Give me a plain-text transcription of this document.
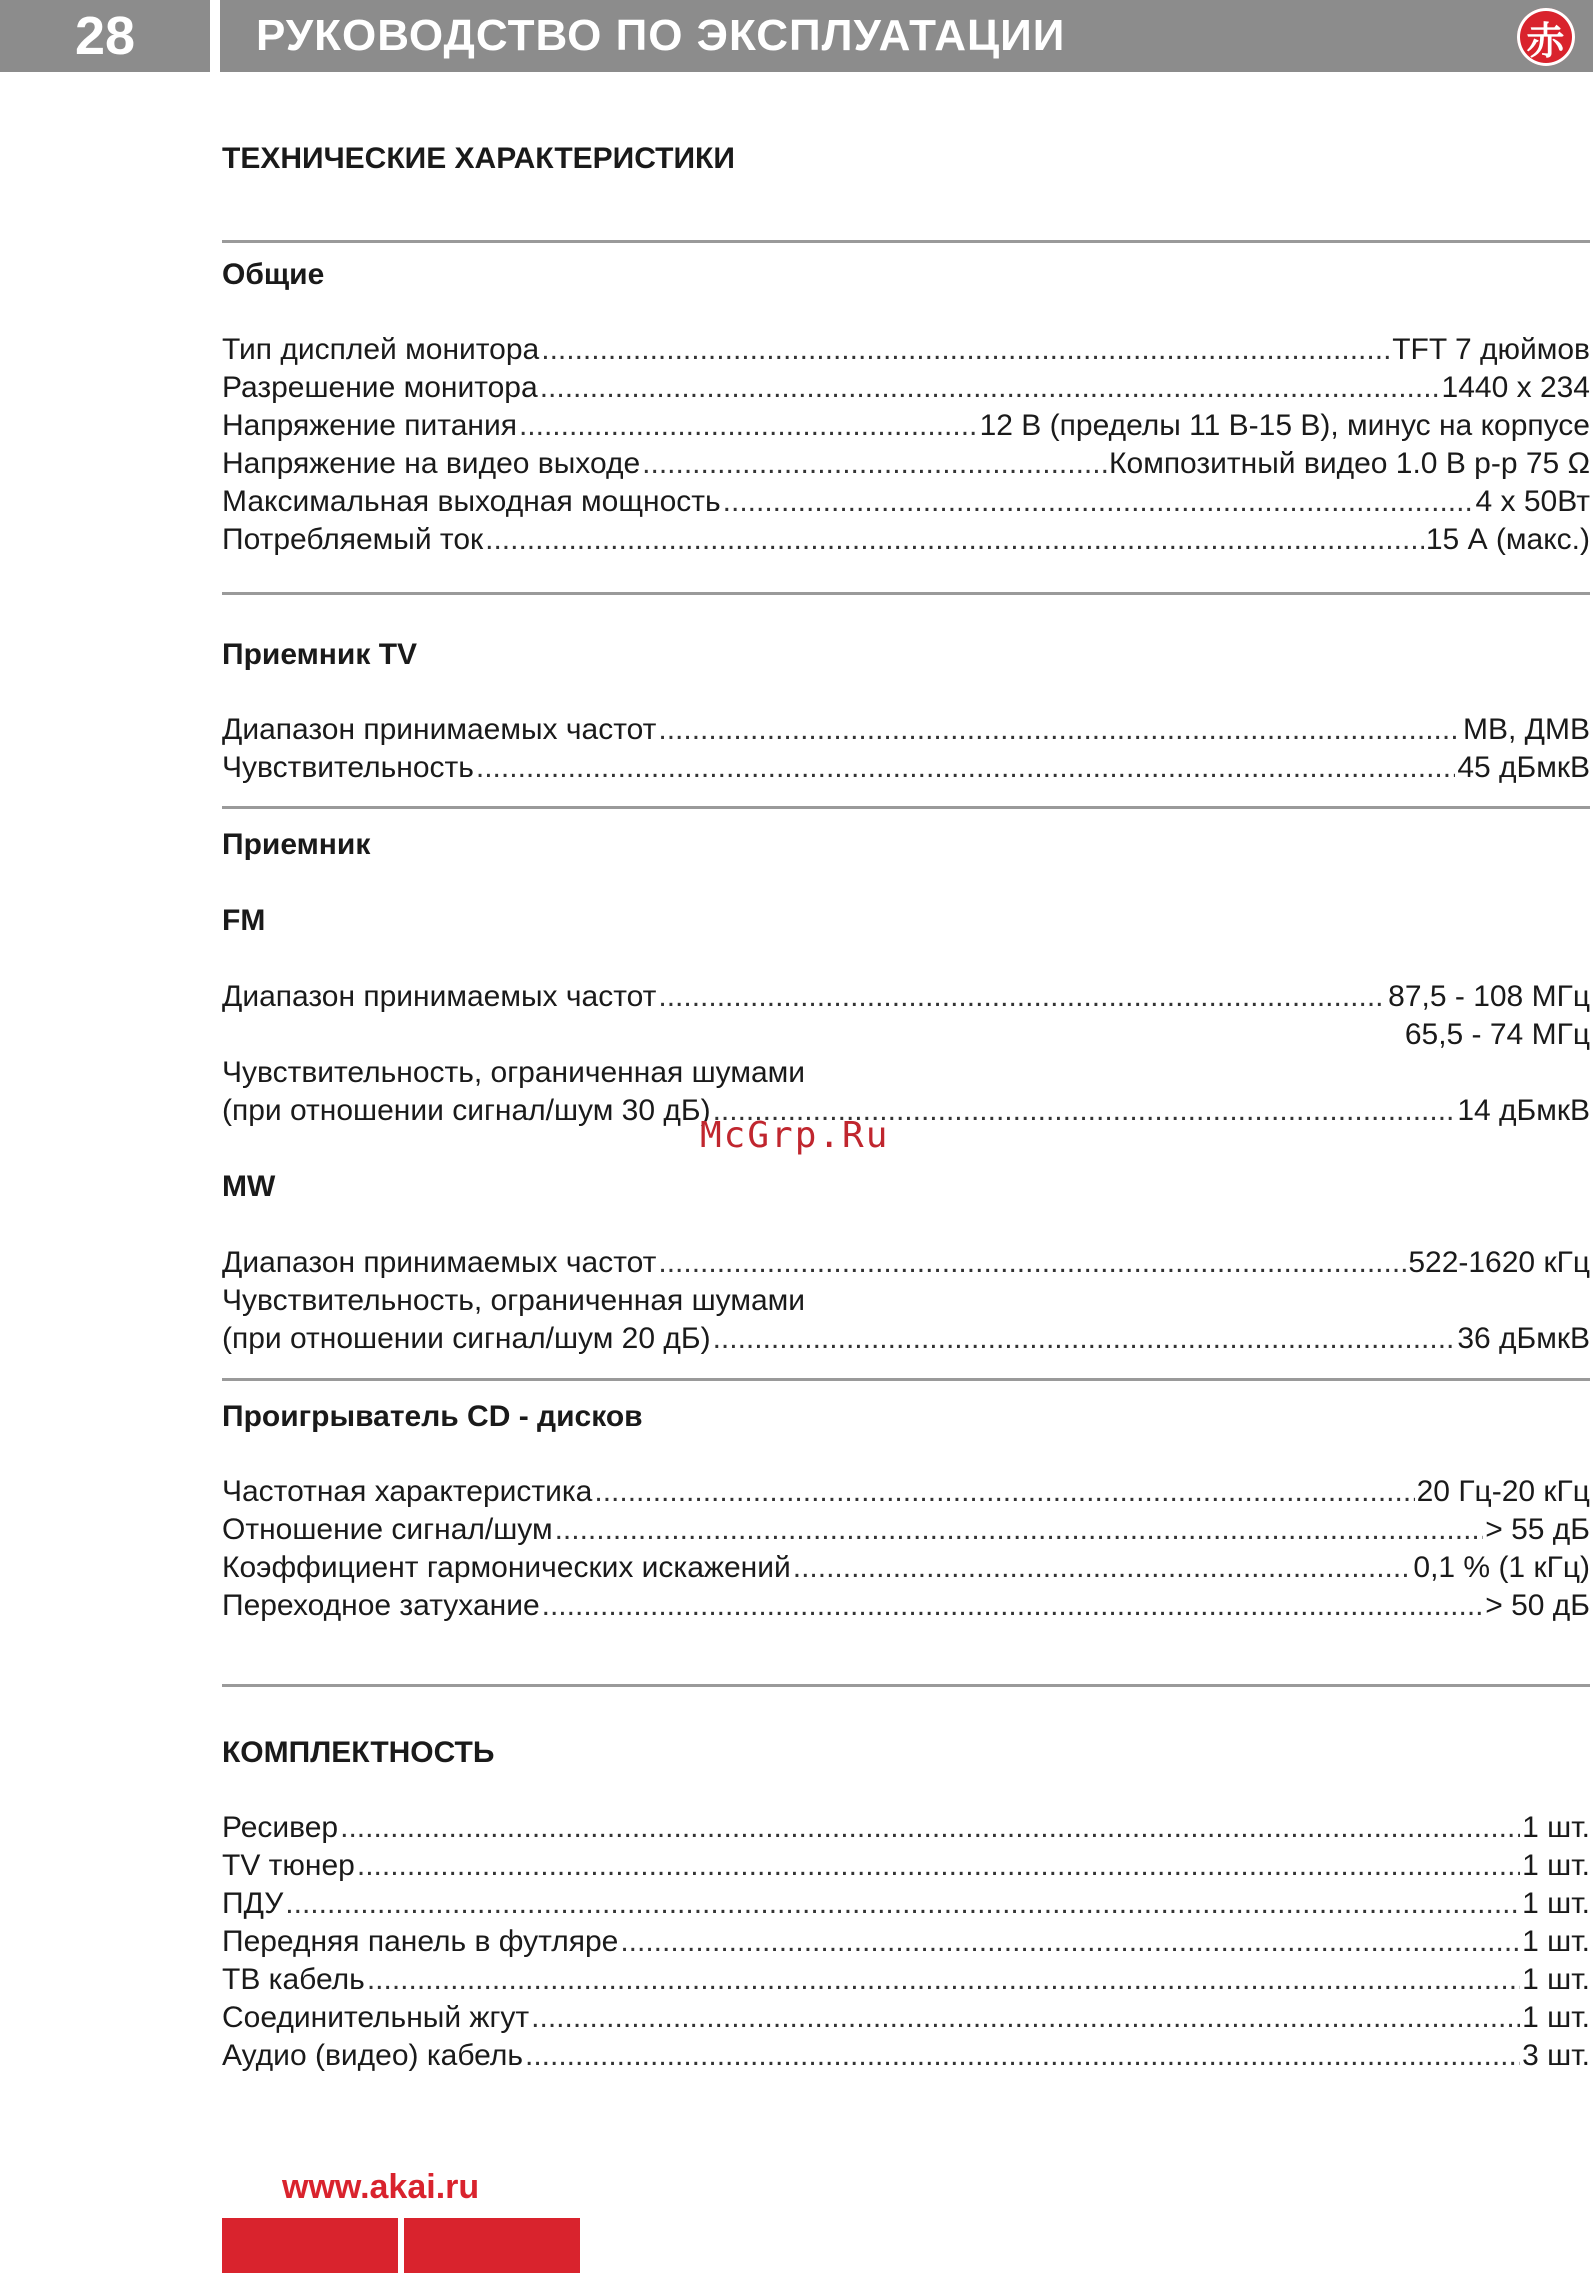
28	РУКОВОДСТВО ПО ЭКСПЛУАТАЦИИ	赤
ТЕХНИЧЕСКИЕ ХАРАКТЕРИСТИКИ
Общие
Тип дисплей монитора .....	TFT 7 дюймов
Разрешение монитора .....	1440 x 234
Напряжение питания .....	12 В (пределы 11 В-15 В), минус на корпусе
Напряжение на видео выходе .....	Композитный видео 1.0 В р-р 75 Ω
Максимальная выходная мощность .....	4 х 50Вт
Потребляемый ток .....	15 А (макс.)
Приемник TV
Диапазон принимаемых частот .....	МВ, ДМВ
Чувствительность .....	45 дБмкВ
Приемник
FM
Диапазон принимаемых частот .....	87,5 - 108 МГц
65,5 - 74 МГц
Чувствительность, ограниченная шумами
(при отношении сигнал/шум 30 дБ) .....	14 дБмкВ
McGrp.Ru
MW
Диапазон принимаемых частот .....	522-1620 кГц
Чувствительность, ограниченная шумами
(при отношении сигнал/шум 20 дБ) .....	36 дБмкВ
Проигрыватель CD - дисков
Частотная характеристика .....	20 Гц-20 кГц
Отношение сигнал/шум .....	> 55 дБ
Коэффициент гармонических искажений .....	0,1 % (1 кГц)
Переходное затухание .....	> 50 дБ
КОМПЛЕКТНОСТЬ
Ресивер .....	1 шт.
TV тюнер .....	1 шт.
ПДУ .....	1 шт.
Передняя панель в футляре .....	1 шт.
ТВ кабель .....	1 шт.
Соединительный жгут .....	1 шт.
Аудио (видео) кабель .....	3 шт.
www.akai.ru
